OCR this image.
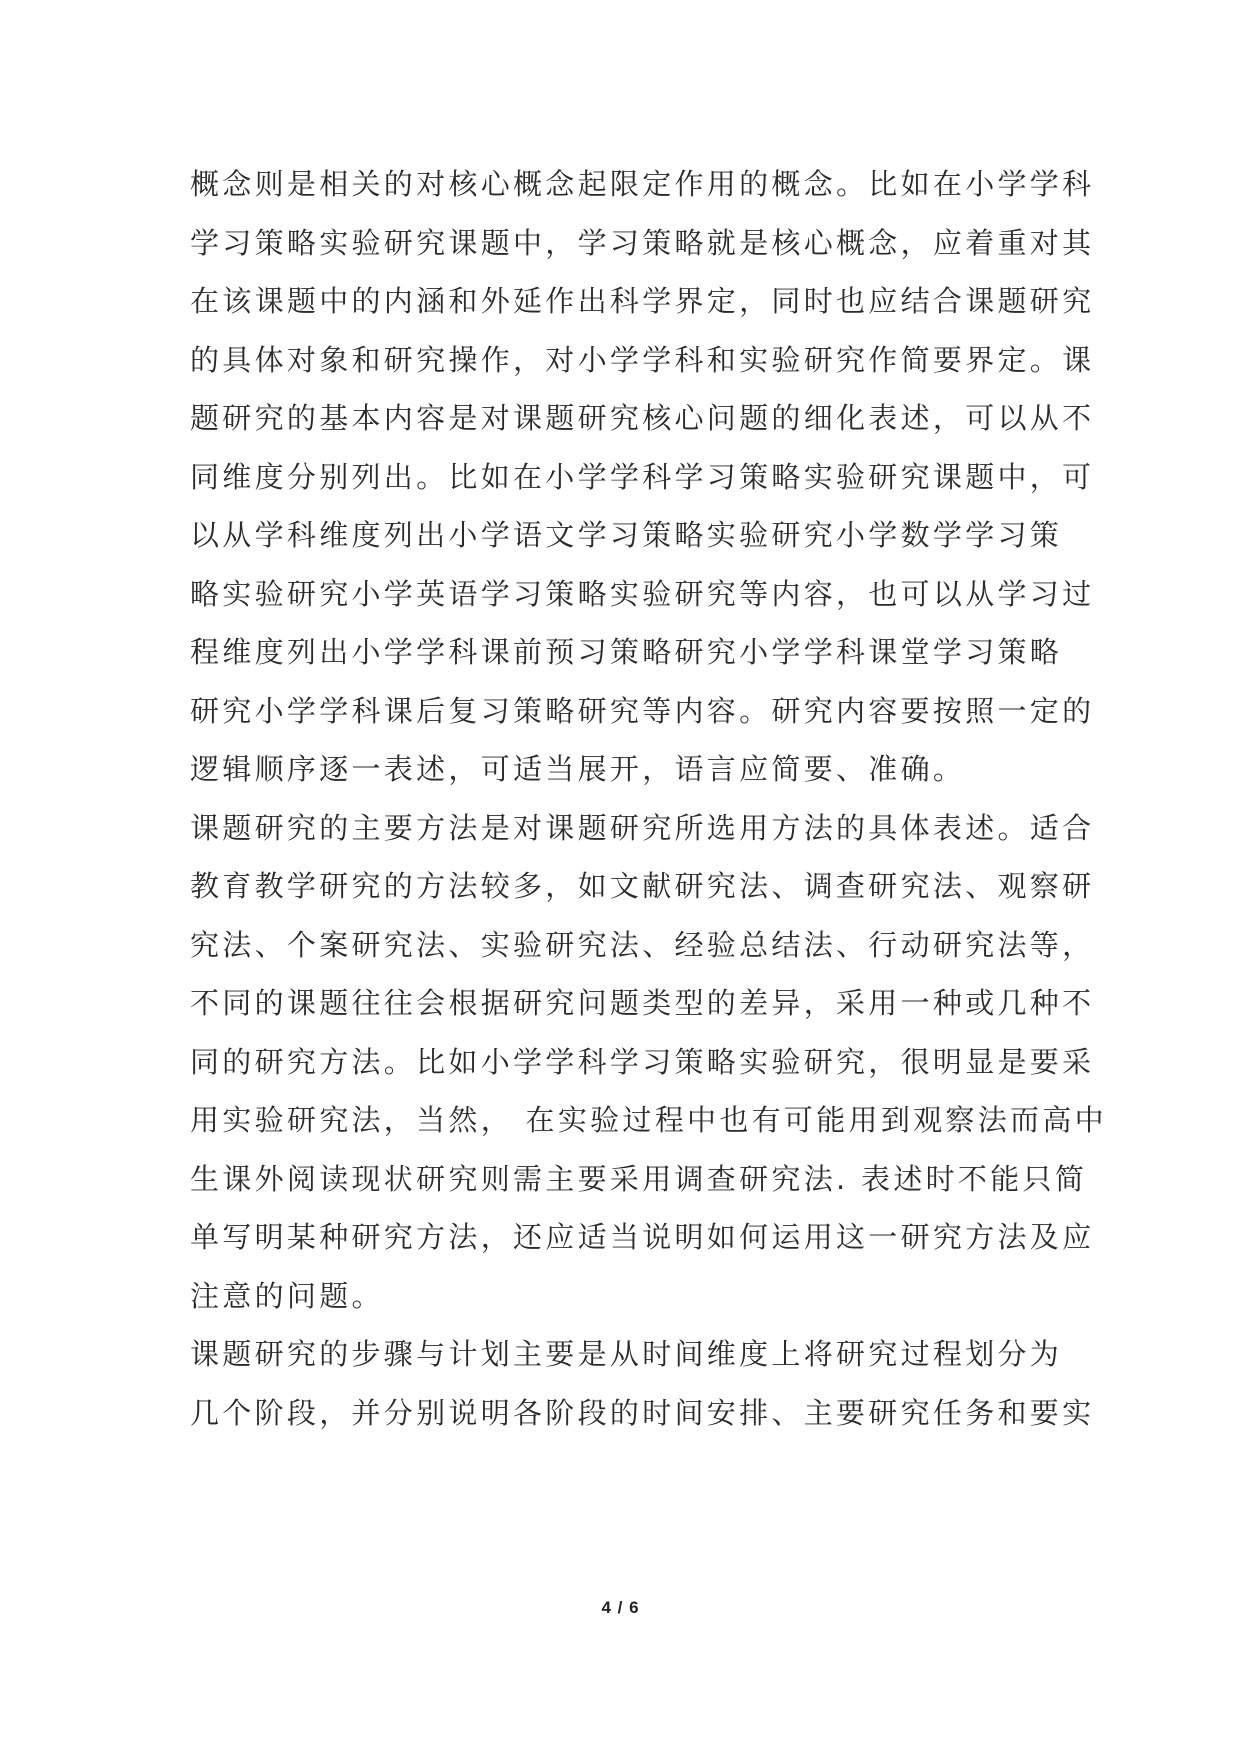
概念则是相关的对核心概念起限定作用的概念。比如在小学学科
学习策略实验研究课题中，学习策略就是核心概念，应着重对其
在该课题中的内涵和外延作出科学界定，同时也应结合课题研究
的具体对象和研究操作，对小学学科和实验研究作简要界定。课
题研究的基本内容是对课题研究核心问题的细化表述，可以从不
同维度分别列出。比如在小学学科学习策略实验研究课题中，可
以从学科维度列出小学语文学习策略实验研究小学数学学习策
略实验研究小学英语学习策略实验研究等内容，也可以从学习过
程维度列出小学学科课前预习策略研究小学学科课堂学习策略
研究小学学科课后复习策略研究等内容。研究内容要按照一定的
逻辑顺序逐一表述，可适当展开，语言应简要、准确。
课题研究的主要方法是对课题研究所选用方法的具体表述。适合
教育教学研究的方法较多，如文献研究法、调查研究法、观察研
究法、个案研究法、实验研究法、经验总结法、行动研究法等，
不同的课题往往会根据研究问题类型的差异，采用一种或几种不
同的研究方法。比如小学学科学习策略实验研究，很明显是要采
用实验研究法，当然， 在实验过程中也有可能用到观察法而高中
生课外阅读现状研究则需主要采用调查研究法. 表述时不能只简
单写明某种研究方法，还应适当说明如何运用这一研究方法及应
注意的问题。
课题研究的步骤与计划主要是从时间维度上将研究过程划分为
几个阶段，并分别说明各阶段的时间安排、主要研究任务和要实
4 / 6
